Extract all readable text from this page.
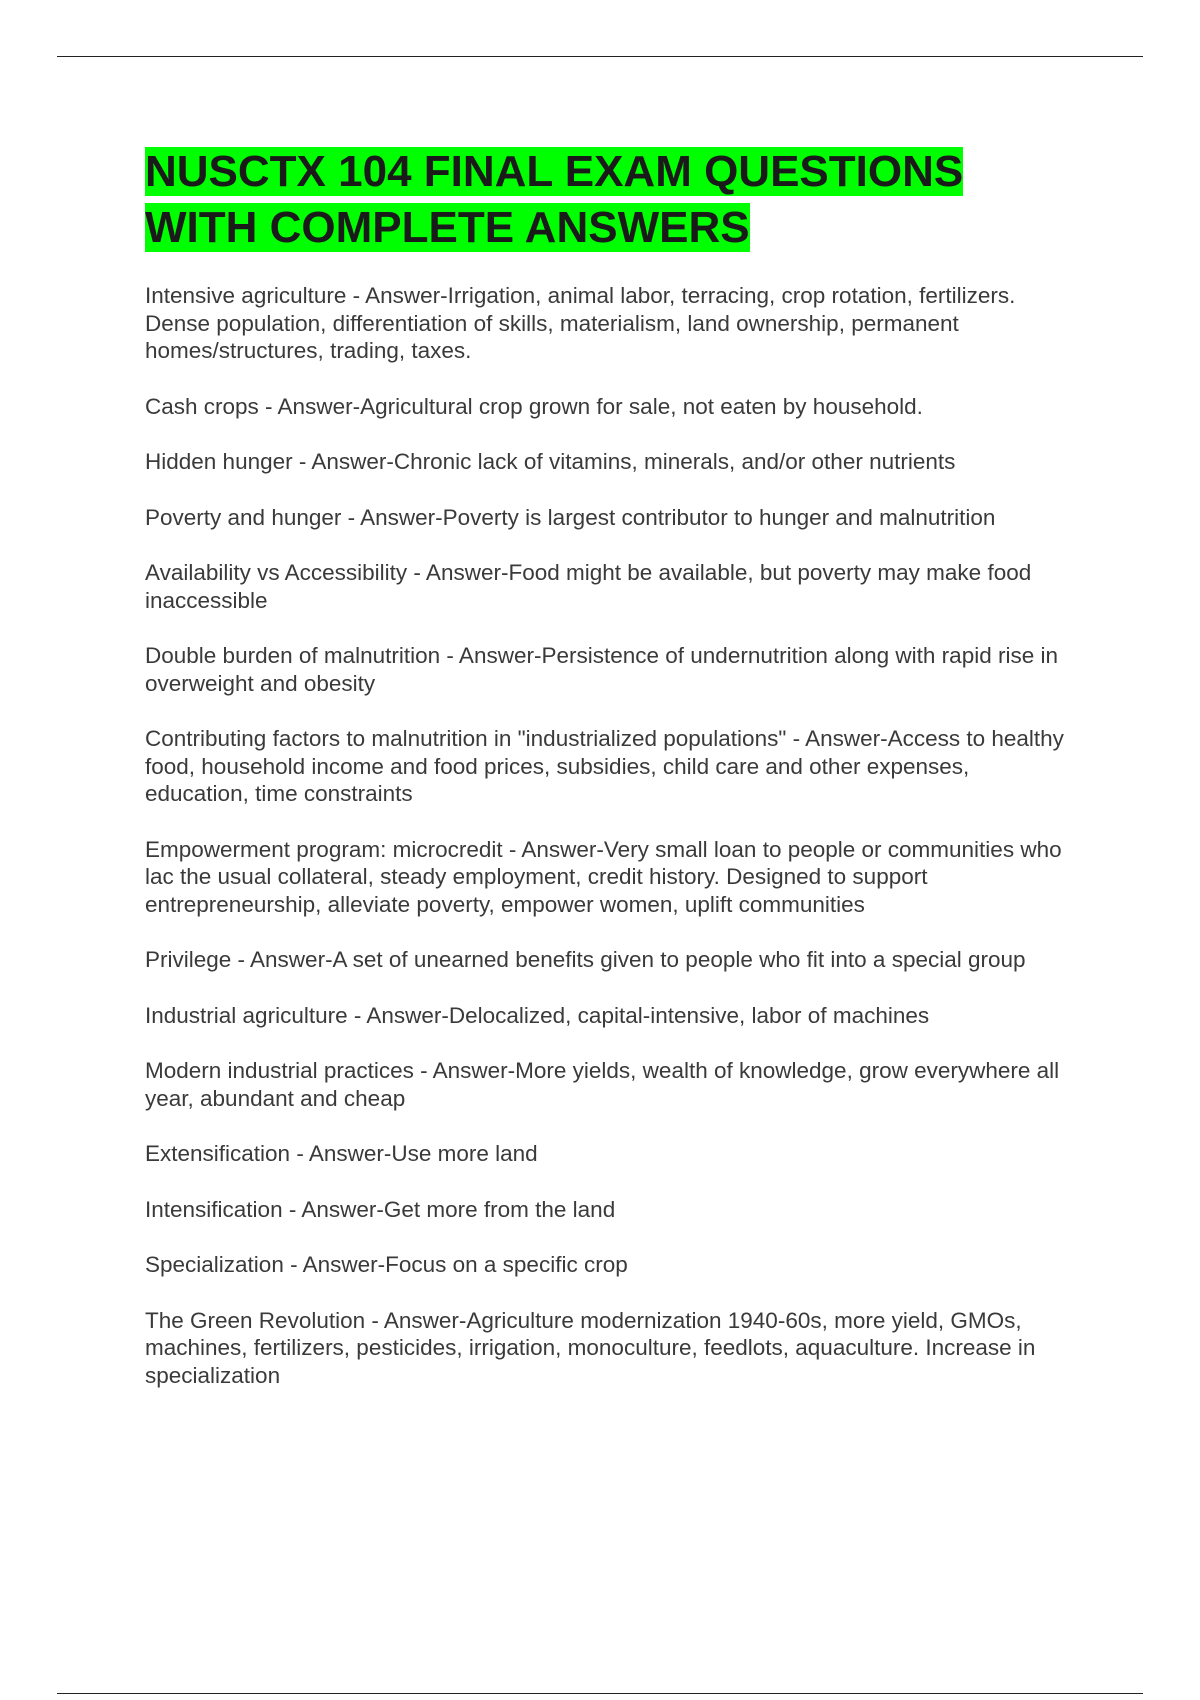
NUSCTX 104 FINAL EXAM QUESTIONS
WITH COMPLETE ANSWERS
Intensive agriculture - Answer-Irrigation, animal labor, terracing, crop rotation, fertilizers. Dense population, differentiation of skills, materialism, land ownership, permanent homes/structures, trading, taxes.
Cash crops - Answer-Agricultural crop grown for sale, not eaten by household.
Hidden hunger - Answer-Chronic lack of vitamins, minerals, and/or other nutrients
Poverty and hunger - Answer-Poverty is largest contributor to hunger and malnutrition
Availability vs Accessibility - Answer-Food might be available, but poverty may make food inaccessible
Double burden of malnutrition - Answer-Persistence of undernutrition along with rapid rise in overweight and obesity
Contributing factors to malnutrition in "industrialized populations" - Answer-Access to healthy food, household income and food prices, subsidies, child care and other expenses, education, time constraints
Empowerment program: microcredit - Answer-Very small loan to people or communities who lac the usual collateral, steady employment, credit history. Designed to support entrepreneurship, alleviate poverty, empower women, uplift communities
Privilege - Answer-A set of unearned benefits given to people who fit into a special group
Industrial agriculture - Answer-Delocalized, capital-intensive, labor of machines
Modern industrial practices - Answer-More yields, wealth of knowledge, grow everywhere all year, abundant and cheap
Extensification - Answer-Use more land
Intensification - Answer-Get more from the land
Specialization - Answer-Focus on a specific crop
The Green Revolution - Answer-Agriculture modernization 1940-60s, more yield, GMOs, machines, fertilizers, pesticides, irrigation, monoculture, feedlots, aquaculture. Increase in specialization
